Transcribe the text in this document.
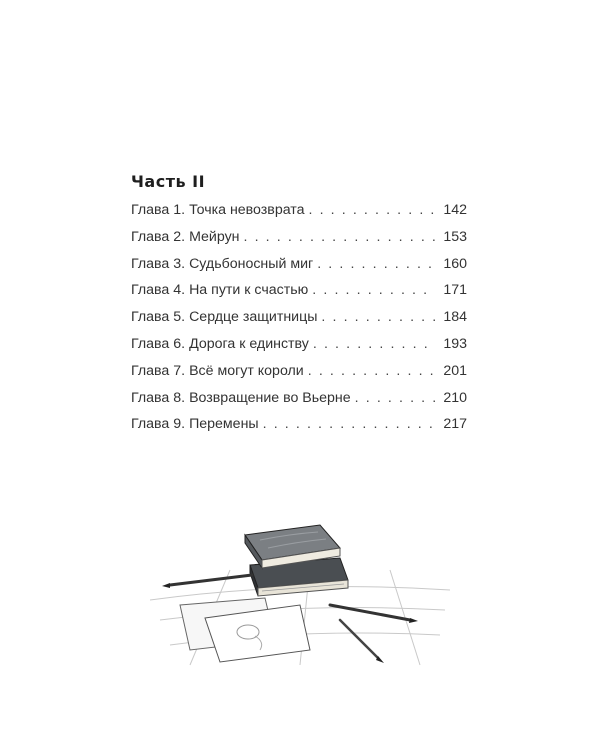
Часть II
Глава 1. Точка невозврата . . .	142
Глава 2. Мейрун . . .	153
Глава 3. Судьбоносный миг . . .	160
Глава 4. На пути к счастью . . .	171
Глава 5. Сердце защитницы . . .	184
Глава 6. Дорога к единству . . .	193
Глава 7. Всё могут короли . . .	201
Глава 8. Возвращение во Вьерне . . .	210
Глава 9. Перемены . . .	217
